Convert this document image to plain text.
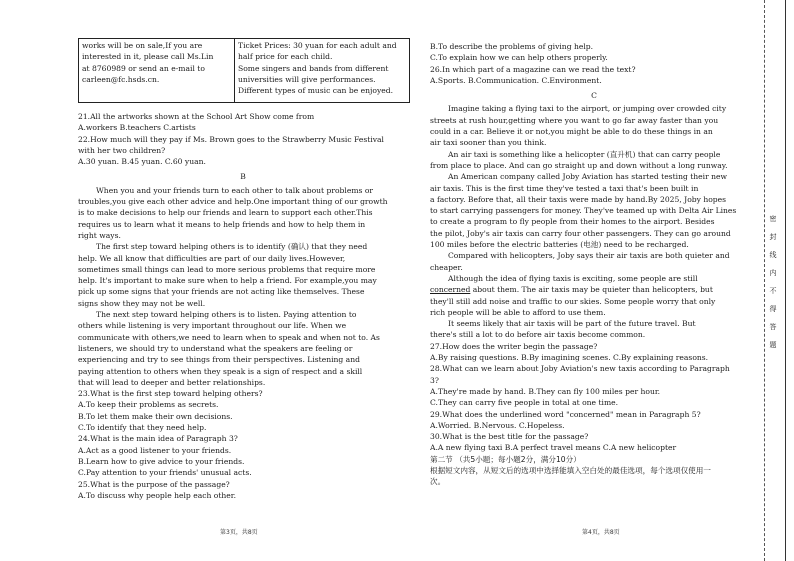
works will be on sale,If you are
interested in it, please call Ms.Lin
at 8760989 or send an e-mail to
carleen@fc.hsds.cn.
Ticket Prices: 30 yuan for each adult and
half price for each child.
Some singers and bands from different
universities will give performances.
Different types of music can be enjoyed.
21.All the artworks shown at the School Art Show come from
A.workers B.teachers C.artists
22.How much will they pay if Ms. Brown goes to the Strawberry Music Festival
with her two children?
A.30 yuan. B.45 yuan. C.60 yuan.
B
When you and your friends turn to each other to talk about problems or
troubles,you give each other advice and help.One important thing of our growth
is to make decisions to help our friends and learn to support each other.This
requires us to learn what it means to help friends and how to help them in
right ways.
The first step toward helping others is to identify (确认) that they need
help. We all know that difficulties are part of our daily lives.However,
sometimes small things can lead to more serious problems that require more
help. It's important to make sure when to help a friend. For example,you may
pick up some signs that your friends are not acting like themselves. These
signs show they may not be well.
The next step toward helping others is to listen. Paying attention to
others while listening is very important throughout our life. When we
communicate with others,we need to learn when to speak and when not to. As
listeners, we should try to understand what the speakers are feeling or
experiencing and try to see things from their perspectives. Listening and
paying attention to others when they speak is a sign of respect and a skill
that will lead to deeper and better relationships.
23.What is the first step toward helping others?
A.To keep their problems as secrets.
B.To let them make their own decisions.
C.To identify that they need help.
24.What is the main idea of Paragraph 3?
A.Act as a good listener to your friends.
B.Learn how to give advice to your friends.
C.Pay attention to your friends' unusual acts.
25.What is the purpose of the passage?
A.To discuss why people help each other.
B.To describe the problems of giving help.
C.To explain how we can help others properly.
26.In which part of a magazine can we read the text?
A.Sports. B.Communication. C.Environment.
C
Imagine taking a flying taxi to the airport, or jumping over crowded city
streets at rush hour,getting where you want to go far away faster than you
could in a car. Believe it or not,you might be able to do these things in an
air taxi sooner than you think.
An air taxi is something like a helicopter (直升机) that can carry people
from place to place. And can go straight up and down without a long runway.
An American company called Joby Aviation has started testing their new
air taxis. This is the first time they've tested a taxi that's been built in
a factory. Before that, all their taxis were made by hand.By 2025, Joby hopes
to start carrying passengers for money. They've teamed up with Delta Air Lines
to create a program to fly people from their homes to the airport. Besides
the pilot, Joby's air taxis can carry four other passengers. They can go around
100 miles before the electric batteries (电池) need to be recharged.
Compared with helicopters, Joby says their air taxis are both quieter and
cheaper.
Although the idea of flying taxis is exciting, some people are still
concerned about them. The air taxis may be quieter than helicopters, but
they'll still add noise and traffic to our skies. Some people worry that only
rich people will be able to afford to use them.
It seems likely that air taxis will be part of the future travel. But
there's still a lot to do before air taxis become common.
27.How does the writer begin the passage?
A.By raising questions. B.By imagining scenes. C.By explaining reasons.
28.What can we learn about Joby Aviation's new taxis according to Paragraph
3?
A.They're made by hand. B.They can fly 100 miles per hour.
C.They can carry five people in total at one time.
29.What does the underlined word "concerned" mean in Paragraph 5?
A.Worried. B.Nervous. C.Hopeless.
30.What is the best title for the passage?
A.A new flying taxi B.A perfect travel means C.A new helicopter
第二节 （共5小题；每小题2分，满分10分）
根据短文内容，从短文后的选项中选择能填入空白处的最佳选项，每个选项仅使用一
次。
第3页，共8页	第4页，共8页
密
封
线
内
不
得
答
题
